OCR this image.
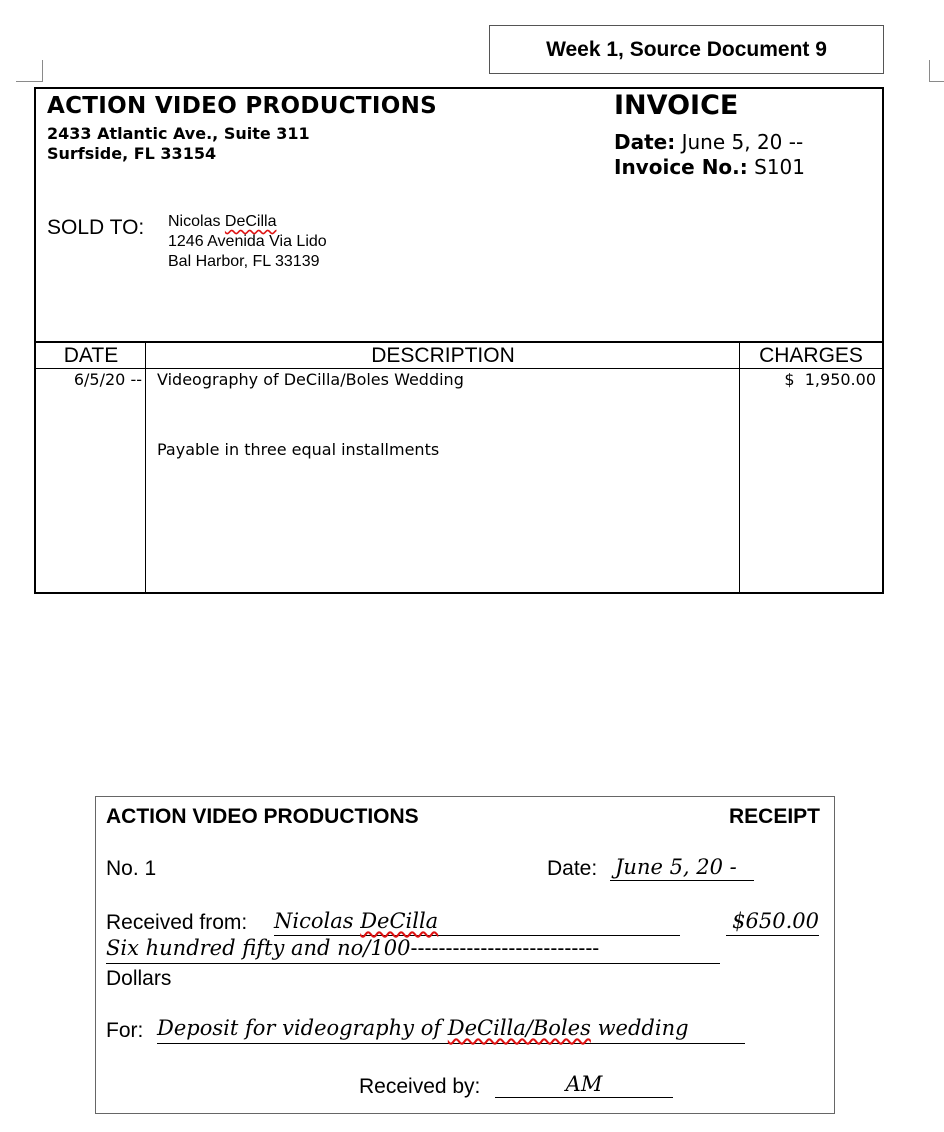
Week 1, Source Document 9
ACTION VIDEO PRODUCTIONS
2433 Atlantic Ave., Suite 311
Surfside, FL 33154
INVOICE
Date: June 5, 20 --
Invoice No.: S101
SOLD TO: Nicolas DeCilla
1246 Avenida Via Lido
Bal Harbor, FL 33139
DATE	DESCRIPTION	CHARGES
6/5/20 -- Videography of DeCilla/Boles Wedding	$  1,950.00
Payable in three equal installments
ACTION VIDEO PRODUCTIONS	RECEIPT
No. 1	Date: June 5, 20 -
Received from: Nicolas DeCilla	$650.00
Six hundred fifty and no/100---------------------------
Dollars
For: Deposit for videography of DeCilla/Boles wedding
Received by:	AM
